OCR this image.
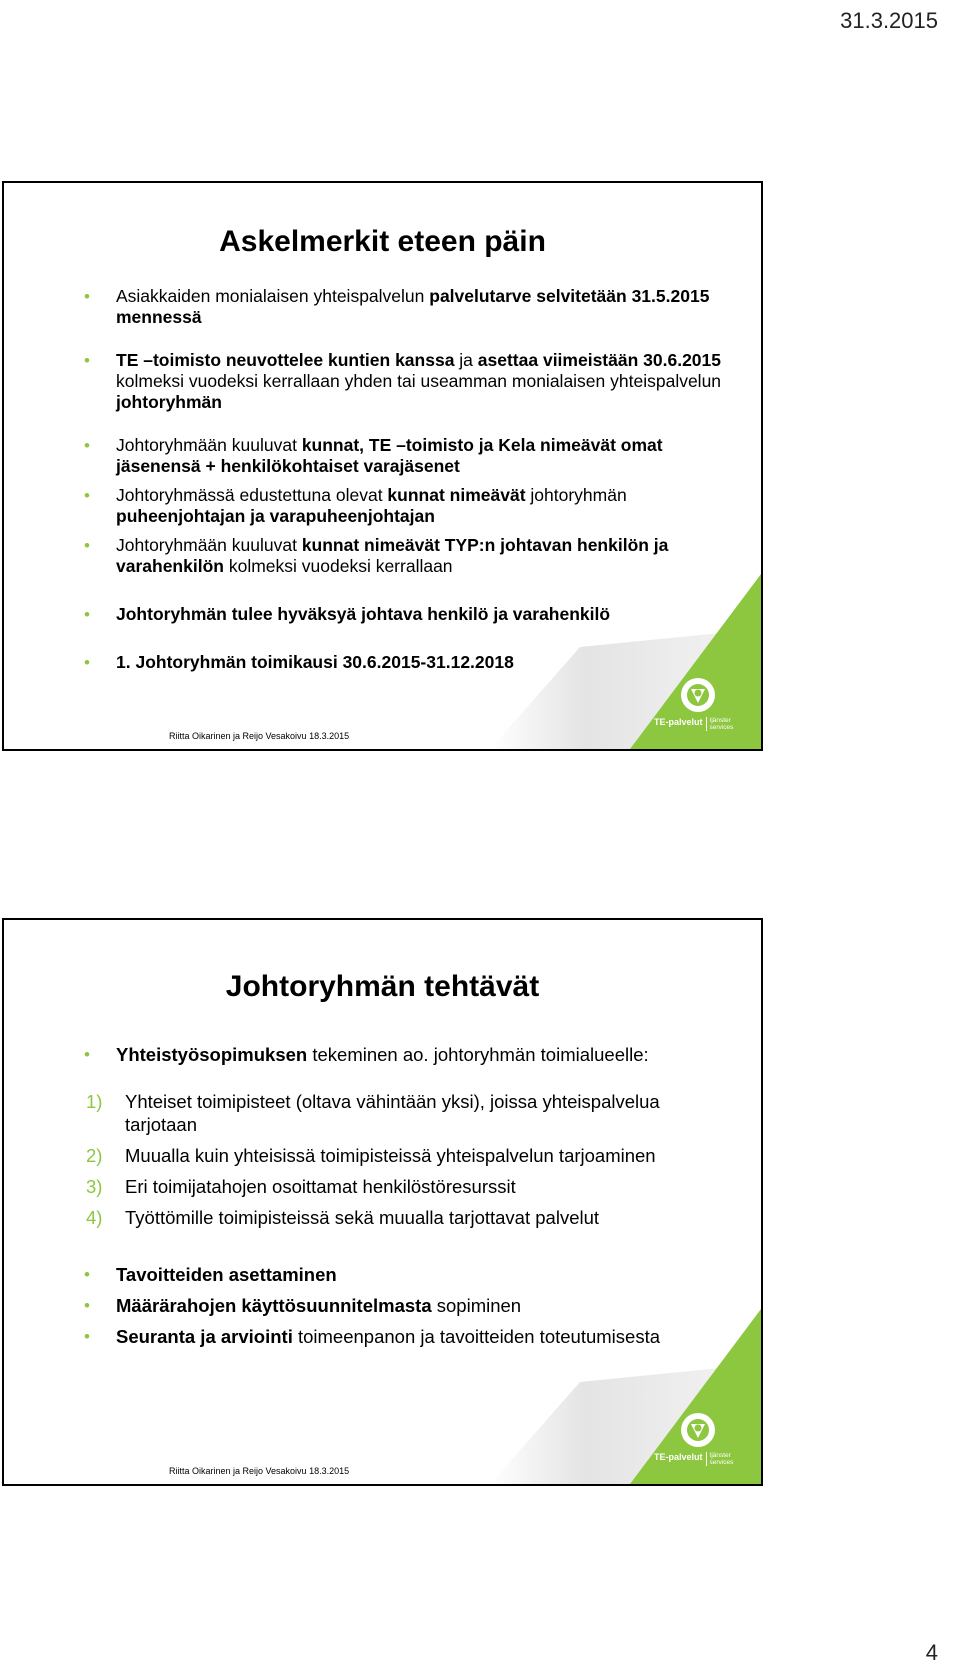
31.3.2015
Askelmerkit eteen päin
• Asiakkaiden monialaisen yhteispalvelun palvelutarve selvitetään 31.5.2015 mennessä
• TE –toimisto neuvottelee kuntien kanssa ja asettaa viimeistään 30.6.2015 kolmeksi vuodeksi kerrallaan yhden tai useamman monialaisen yhteispalvelun johtoryhmän
• Johtoryhmään kuuluvat kunnat, TE –toimisto ja Kela nimeävät omat jäsenensä + henkilökohtaiset varajäsenet
• Johtoryhmässä edustettuna olevat kunnat nimeävät johtoryhmän puheenjohtajan ja varapuheenjohtajan
• Johtoryhmään kuuluvat kunnat nimeävät TYP:n johtavan henkilön ja varahenkilön kolmeksi vuodeksi kerrallaan
• Johtoryhmän tulee hyväksyä johtava henkilö ja varahenkilö
• 1. Johtoryhmän toimikausi 30.6.2015-31.12.2018
Riitta Oikarinen ja Reijo Vesakoivu 18.3.2015
TE-palvelut tjänster
services
Johtoryhmän tehtävät
• Yhteistyösopimuksen tekeminen ao. johtoryhmän toimialueelle:
1) Yhteiset toimipisteet (oltava vähintään yksi), joissa yhteispalvelua tarjotaan
2) Muualla kuin yhteisissä toimipisteissä yhteispalvelun tarjoaminen
3) Eri toimijatahojen osoittamat henkilöstöresurssit
4) Työttömille toimipisteissä sekä muualla tarjottavat palvelut
• Tavoitteiden asettaminen
• Määrärahojen käyttösuunnitelmasta sopiminen
• Seuranta ja arviointi toimeenpanon ja tavoitteiden toteutumisesta
Riitta Oikarinen ja Reijo Vesakoivu 18.3.2015
TE-palvelut tjänster
services
4
